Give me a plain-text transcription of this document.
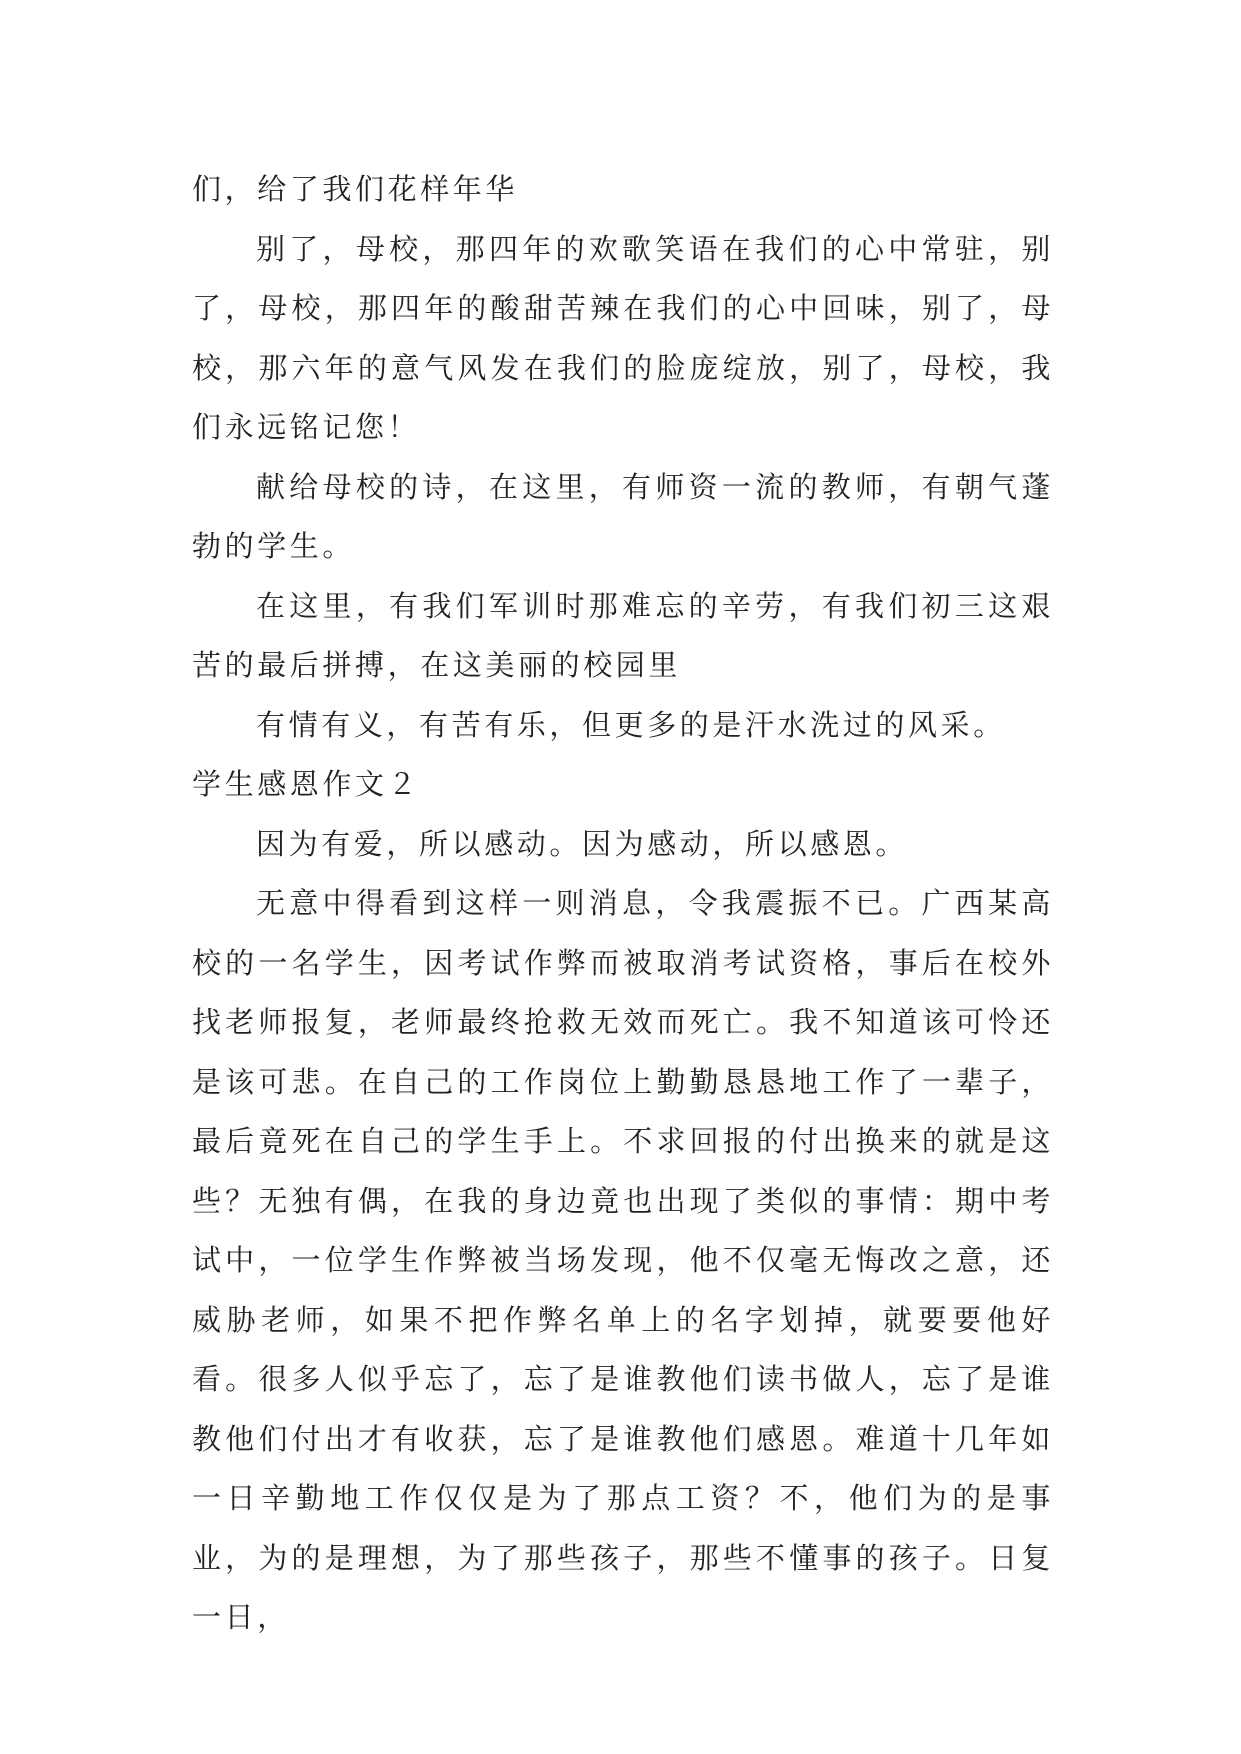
们，给了我们花样年华

别了，母校，那四年的欢歌笑语在我们的心中常驻，别了，母校，那四年的酸甜苦辣在我们的心中回味，别了，母校，那六年的意气风发在我们的脸庞绽放，别了，母校，我们永远铭记您！

献给母校的诗，在这里，有师资一流的教师，有朝气蓬勃的学生。

在这里，有我们军训时那难忘的辛劳，有我们初三这艰苦的最后拼搏，在这美丽的校园里

有情有义，有苦有乐，但更多的是汗水洗过的风采。

学生感恩作文２

因为有爱，所以感动。因为感动，所以感恩。

无意中得看到这样一则消息，令我震振不已。广西某高校的一名学生，因考试作弊而被取消考试资格，事后在校外找老师报复，老师最终抢救无效而死亡。我不知道该可怜还是该可悲。在自己的工作岗位上勤勤恳恳地工作了一辈子，最后竟死在自己的学生手上。不求回报的付出换来的就是这些？无独有偶，在我的身边竟也出现了类似的事情：期中考试中，一位学生作弊被当场发现，他不仅毫无悔改之意，还威胁老师，如果不把作弊名单上的名字划掉，就要要他好看。很多人似乎忘了，忘了是谁教他们读书做人，忘了是谁教他们付出才有收获，忘了是谁教他们感恩。难道十几年如一日辛勤地工作仅仅是为了那点工资？不，他们为的是事业，为的是理想，为了那些孩子，那些不懂事的孩子。日复一日，
